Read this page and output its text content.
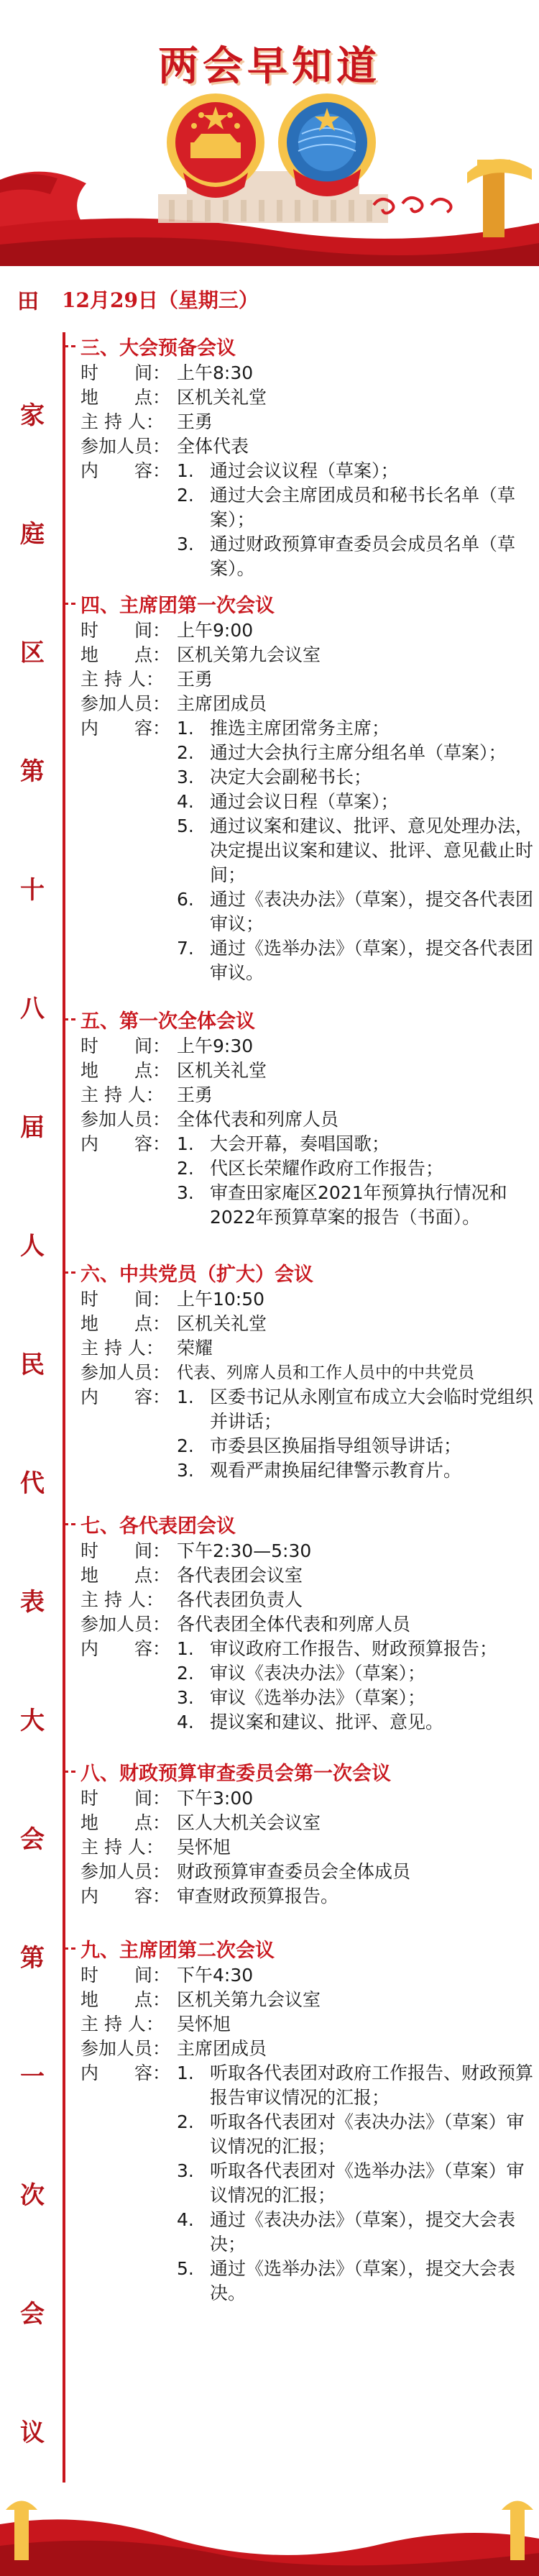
两会早知道
田 12月29日（星期三）
家
庭
区
第
十
八
届
人
民
代
表
大
会
第
一
次
会
议
三、大会预备会议
时　　间： 上午8:30
地　　点： 区机关礼堂
主 持 人： 王勇
参加人员： 全体代表
内　　容： 1. 通过会议议程（草案）；
2. 通过大会主席团成员和秘书长名单（草案）；
3. 通过财政预算审查委员会成员名单（草案）。
四、主席团第一次会议
时　　间： 上午9:00
地　　点： 区机关第九会议室
主 持 人： 王勇
参加人员： 主席团成员
内　　容： 1. 推选主席团常务主席；
2. 通过大会执行主席分组名单（草案）；
3. 决定大会副秘书长；
4. 通过会议日程（草案）；
5. 通过议案和建议、批评、意见处理办法，决定提出议案和建议、批评、意见截止时间；
6. 通过《表决办法》（草案），提交各代表团审议；
7. 通过《选举办法》（草案），提交各代表团审议。
五、第一次全体会议
时　　间： 上午9:30
地　　点： 区机关礼堂
主 持 人： 王勇
参加人员： 全体代表和列席人员
内　　容： 1. 大会开幕，奏唱国歌；
2. 代区长荣耀作政府工作报告；
3. 审查田家庵区2021年预算执行情况和2022年预算草案的报告（书面）。
六、中共党员（扩大）会议
时　　间： 上午10:50
地　　点： 区机关礼堂
主 持 人： 荣耀
参加人员： 代表、列席人员和工作人员中的中共党员
内　　容： 1. 区委书记从永刚宣布成立大会临时党组织并讲话；
2. 市委县区换届指导组领导讲话；
3. 观看严肃换届纪律警示教育片。
七、各代表团会议
时　　间： 下午2:30—5:30
地　　点： 各代表团会议室
主 持 人： 各代表团负责人
参加人员： 各代表团全体代表和列席人员
内　　容： 1. 审议政府工作报告、财政预算报告；
2. 审议《表决办法》（草案）；
3. 审议《选举办法》（草案）；
4. 提议案和建议、批评、意见。
八、财政预算审查委员会第一次会议
时　　间： 下午3:00
地　　点： 区人大机关会议室
主 持 人： 吴怀旭
参加人员： 财政预算审查委员会全体成员
内　　容： 审查财政预算报告。
九、主席团第二次会议
时　　间： 下午4:30
地　　点： 区机关第九会议室
主 持 人： 吴怀旭
参加人员： 主席团成员
内　　容： 1. 听取各代表团对政府工作报告、财政预算报告审议情况的汇报；
2. 听取各代表团对《表决办法》（草案）审议情况的汇报；
3. 听取各代表团对《选举办法》（草案）审议情况的汇报；
4. 通过《表决办法》（草案），提交大会表决；
5. 通过《选举办法》（草案），提交大会表决。
